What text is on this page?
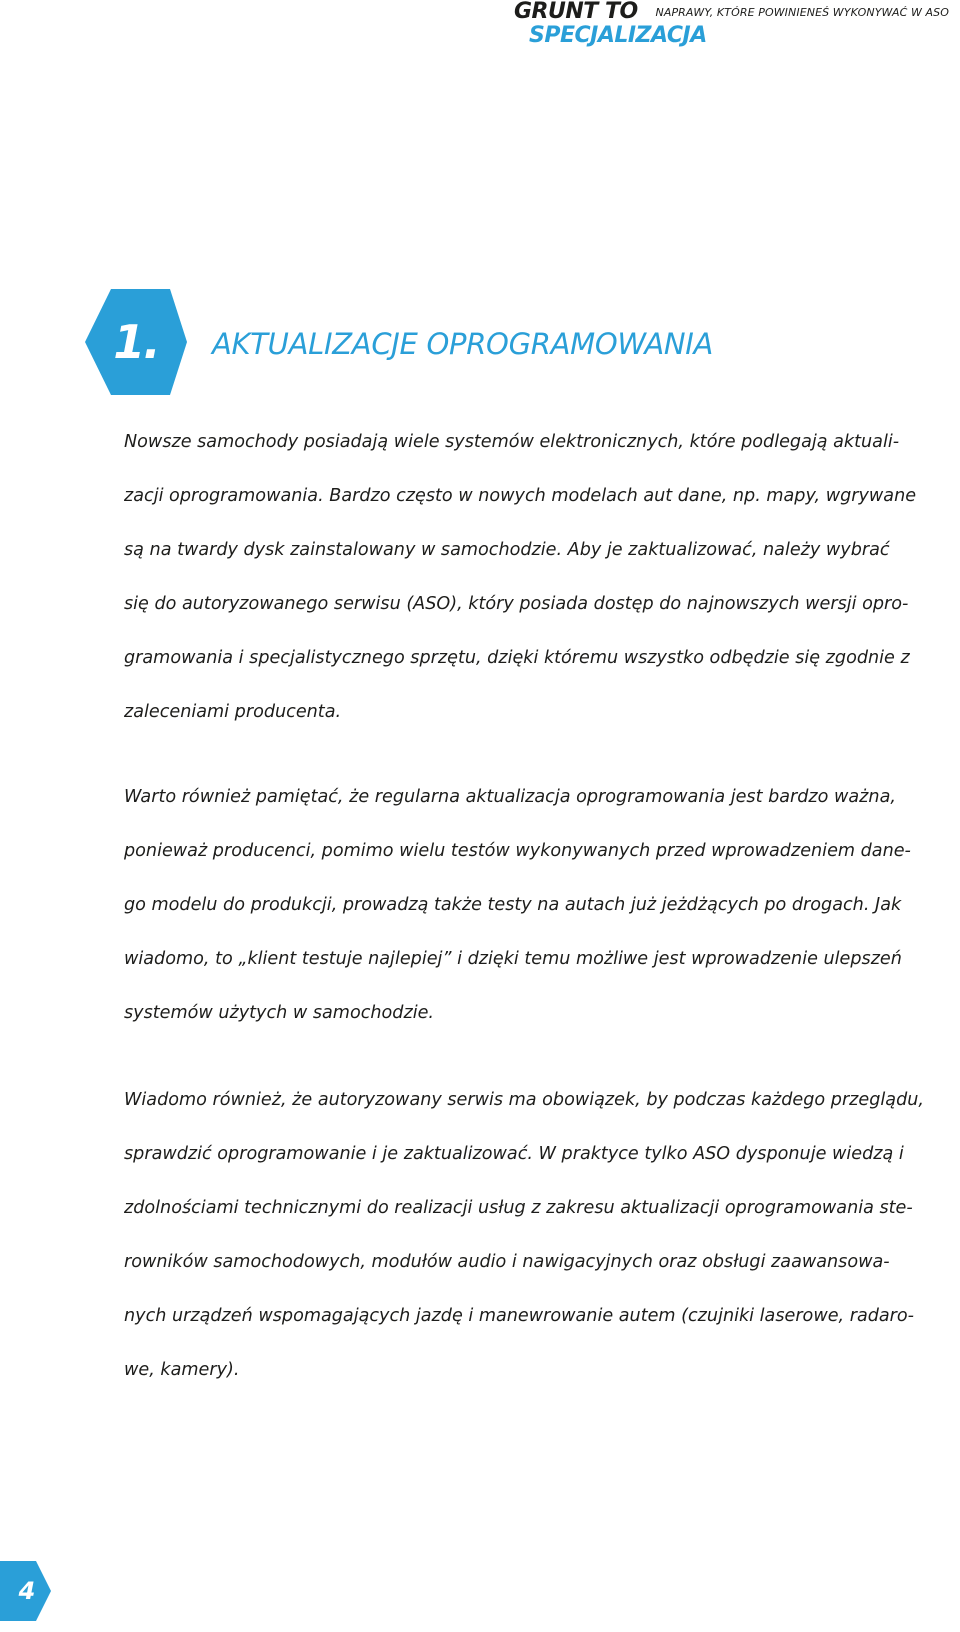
GRUNT TO
SPECJALIZACJA
NAPRAWY, KTÓRE POWINIENEŚ WYKONYWAĆ W ASO
1.	AKTUALIZACJE OPROGRAMOWANIA

Nowsze samochody posiadają wiele systemów elektronicznych, które podlegają aktuali-
zacji oprogramowania. Bardzo często w nowych modelach aut dane, np. mapy, wgrywane
są na twardy dysk zainstalowany w samochodzie. Aby je zaktualizować, należy wybrać
się do autoryzowanego serwisu (ASO), który posiada dostęp do najnowszych wersji opro-
gramowania i specjalistycznego sprzętu, dzięki któremu wszystko odbędzie się zgodnie z
zaleceniami producenta.

Warto również pamiętać, że regularna aktualizacja oprogramowania jest bardzo ważna,
ponieważ producenci, pomimo wielu testów wykonywanych przed wprowadzeniem dane-
go modelu do produkcji, prowadzą także testy na autach już jeżdżących po drogach. Jak
wiadomo, to „klient testuje najlepiej” i dzięki temu możliwe jest wprowadzenie ulepszeń
systemów użytych w samochodzie.

Wiadomo również, że autoryzowany serwis ma obowiązek, by podczas każdego przeglądu,
sprawdzić oprogramowanie i je zaktualizować. W praktyce tylko ASO dysponuje wiedzą i
zdolnościami technicznymi do realizacji usług z zakresu aktualizacji oprogramowania ste-
rowników samochodowych, modułów audio i nawigacyjnych oraz obsługi zaawansowa-
nych urządzeń wspomagających jazdę i manewrowanie autem (czujniki laserowe, radaro-
we, kamery).

4
